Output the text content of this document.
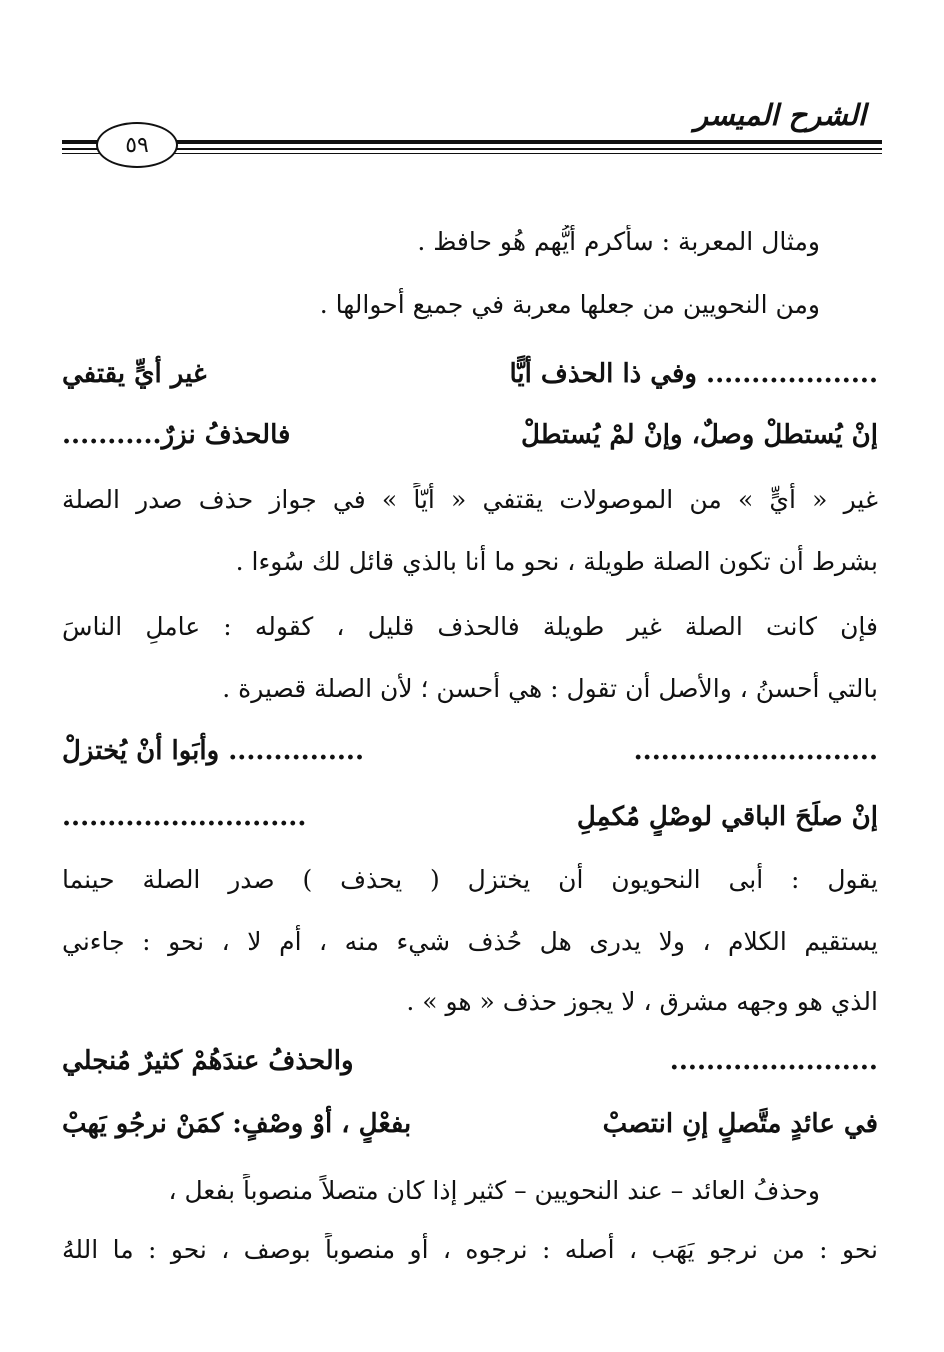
الشرح الميسر
٥٩
ومثال المعربة : سأكرم أيُّهم هُو حافظ .
ومن النحويين من جعلها معربة في جميع أحوالها .
................... وفي ذا الحذف أيًّا
غير أيٍّ يقتفي
إنْ يُستطلْ وصلٌ، وإنْ لمْ يُستطلْ
فالحذفُ نزرٌ...........
غير « أيٍّ » من الموصولات يقتفي « أيّاً » في جواز حذف صدر الصلة
بشرط أن تكون الصلة طويلة ، نحو ما أنا بالذي قائل لك سُوءا .
فإن كانت الصلة غير طويلة فالحذف قليل ، كقوله : عاملِ الناسَ
بالتي أحسنُ ، والأصل أن تقول : هي أحسن ؛ لأن الصلة قصيرة .
...........................
............... وأبَوا أنْ يُختزلْ
إنْ صلَحَ الباقي لوصْلٍ مُكمِلِ
...........................
يقول : أبى النحويون أن يختزل ( يحذف ) صدر الصلة حينما
يستقيم الكلام ، ولا يدرى هل حُذف شيء منه ، أم لا ، نحو : جاءني
الذي هو وجهه مشرق ، لا يجوز حذف « هو » .
.......................
والحذفُ عندَهُمْ كثيرٌ مُنجلي
في عائدٍ متَّصلٍ إنِ انتصبْ
بفعْلٍ ، أوْ وصْفٍ: كمَنْ نرجُو يَهبْ
وحذفُ العائد – عند النحويين – كثير إذا كان متصلاً منصوباً بفعل ،
نحو : من نرجو يَهَب ، أصله : نرجوه ، أو منصوباً بوصف ، نحو : ما اللهُ
